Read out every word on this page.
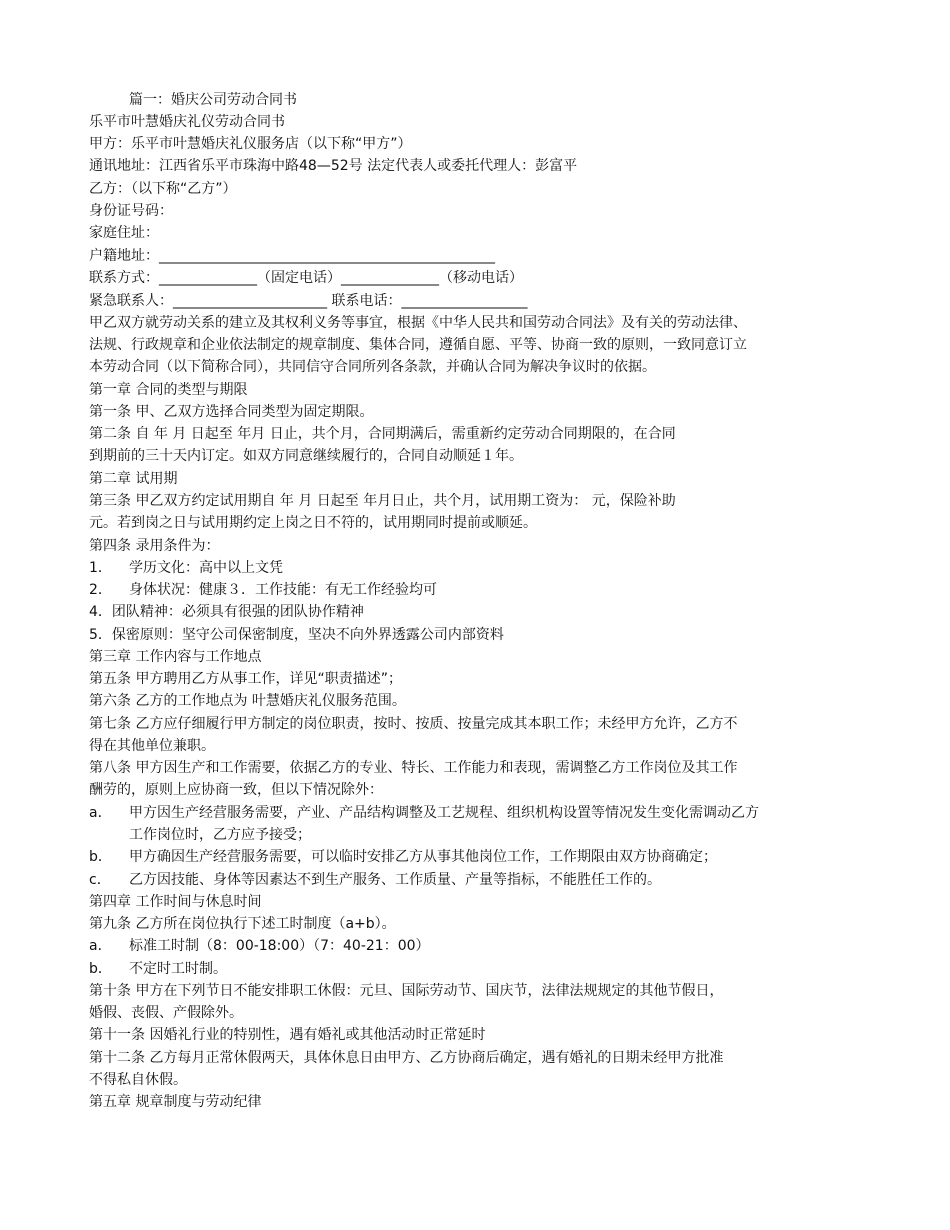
篇一：婚庆公司劳动合同书
乐平市叶慧婚庆礼仪劳动合同书
甲方：乐平市叶慧婚庆礼仪服务店（以下称“甲方”）
通讯地址：江西省乐平市珠海中路48—52号 法定代表人或委托代理人：彭富平
乙方：（以下称“乙方”）
身份证号码：
家庭住址：
户籍地址：________________________________________________
联系方式：______________（固定电话）______________（移动电话）
紧急联系人：______________________ 联系电话：__________________
甲乙双方就劳动关系的建立及其权利义务等事宜，根据《中华人民共和国劳动合同法》及有关的劳动法律、
法规、行政规章和企业依法制定的规章制度、集体合同，遵循自愿、平等、协商一致的原则，一致同意订立
本劳动合同（以下简称合同），共同信守合同所列各条款，并确认合同为解决争议时的依据。
第一章 合同的类型与期限
第一条 甲、乙双方选择合同类型为固定期限。
第二条 自 年 月 日起至 年月 日止，共个月，合同期满后，需重新约定劳动合同期限的，在合同
到期前的三十天内订定。如双方同意继续履行的，合同自动顺延１年。
第二章 试用期
第三条 甲乙双方约定试用期自 年 月 日起至 年月日止，共个月，试用期工资为： 元，保险补助
元。若到岗之日与试用期约定上岗之日不符的，试用期同时提前或顺延。
第四条 录用条件为：
1． 学历文化：高中以上文凭
2． 身体状况：健康３．工作技能：有无工作经验均可
4．团队精神：必须具有很强的团队协作精神
5．保密原则：坚守公司保密制度，坚决不向外界透露公司内部资料
第三章 工作内容与工作地点
第五条 甲方聘用乙方从事工作，详见“职责描述”；
第六条 乙方的工作地点为 叶慧婚庆礼仪服务范围。
第七条 乙方应仔细履行甲方制定的岗位职责，按时、按质、按量完成其本职工作；未经甲方允许，乙方不
得在其他单位兼职。
第八条 甲方因生产和工作需要，依据乙方的专业、特长、工作能力和表现，需调整乙方工作岗位及其工作
酬劳的，原则上应协商一致，但以下情况除外：
a． 甲方因生产经营服务需要，产业、产品结构调整及工艺规程、组织机构设置等情况发生变化需调动乙方
工作岗位时，乙方应予接受；
b． 甲方确因生产经营服务需要，可以临时安排乙方从事其他岗位工作，工作期限由双方协商确定；
c． 乙方因技能、身体等因素达不到生产服务、工作质量、产量等指标，不能胜任工作的。
第四章 工作时间与休息时间
第九条 乙方所在岗位执行下述工时制度（a+b）。
a． 标准工时制（8：00-18:00）（7：40-21：00）
b． 不定时工时制。
第十条 甲方在下列节日不能安排职工休假：元旦、国际劳动节、国庆节，法律法规规定的其他节假日，
婚假、丧假、产假除外。
第十一条 因婚礼行业的特别性，遇有婚礼或其他活动时正常延时
第十二条 乙方每月正常休假两天，具体休息日由甲方、乙方协商后确定，遇有婚礼的日期未经甲方批准
不得私自休假。
第五章 规章制度与劳动纪律
